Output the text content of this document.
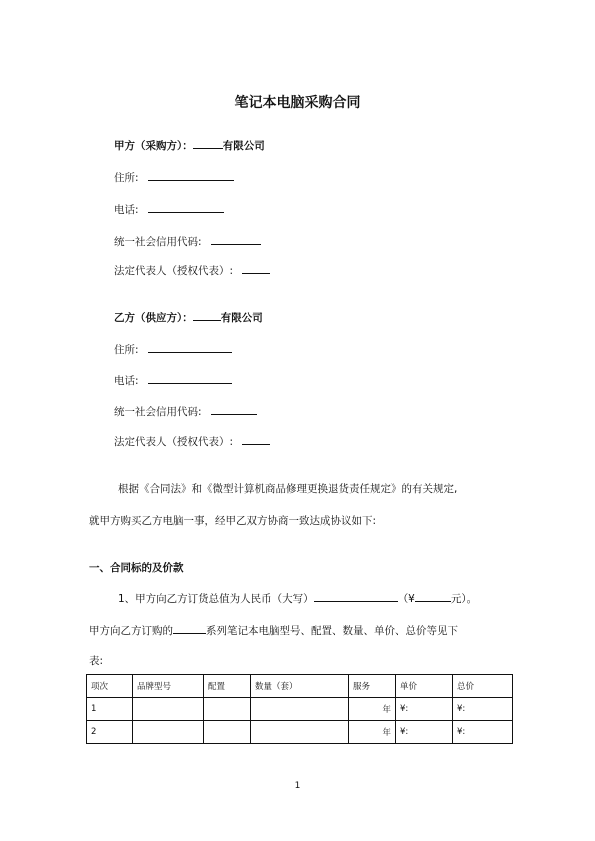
笔记本电脑采购合同
甲方（采购方）：	有限公司
住所:
电话:
统一社会信用代码:
法定代表人（授权代表）:
乙方（供应方）：	有限公司
住所:
电话:
统一社会信用代码:
法定代表人（授权代表）:
根据《合同法》和《微型计算机商品修理更换退货责任规定》的有关规定,
就甲方购买乙方电脑一事，经甲乙双方协商一致达成协议如下:
一、合同标的及价款
1、甲方向乙方订货总值为人民币（大写）	（¥	元）。
甲方向乙方订购的	系列笔记本电脑型号、配置、数量、单价、总价等见下
表:
项次	品牌型号	配置	数量（套）	服务	单价	总价
1				年	¥:	¥:
2				年	¥:	¥:
1
